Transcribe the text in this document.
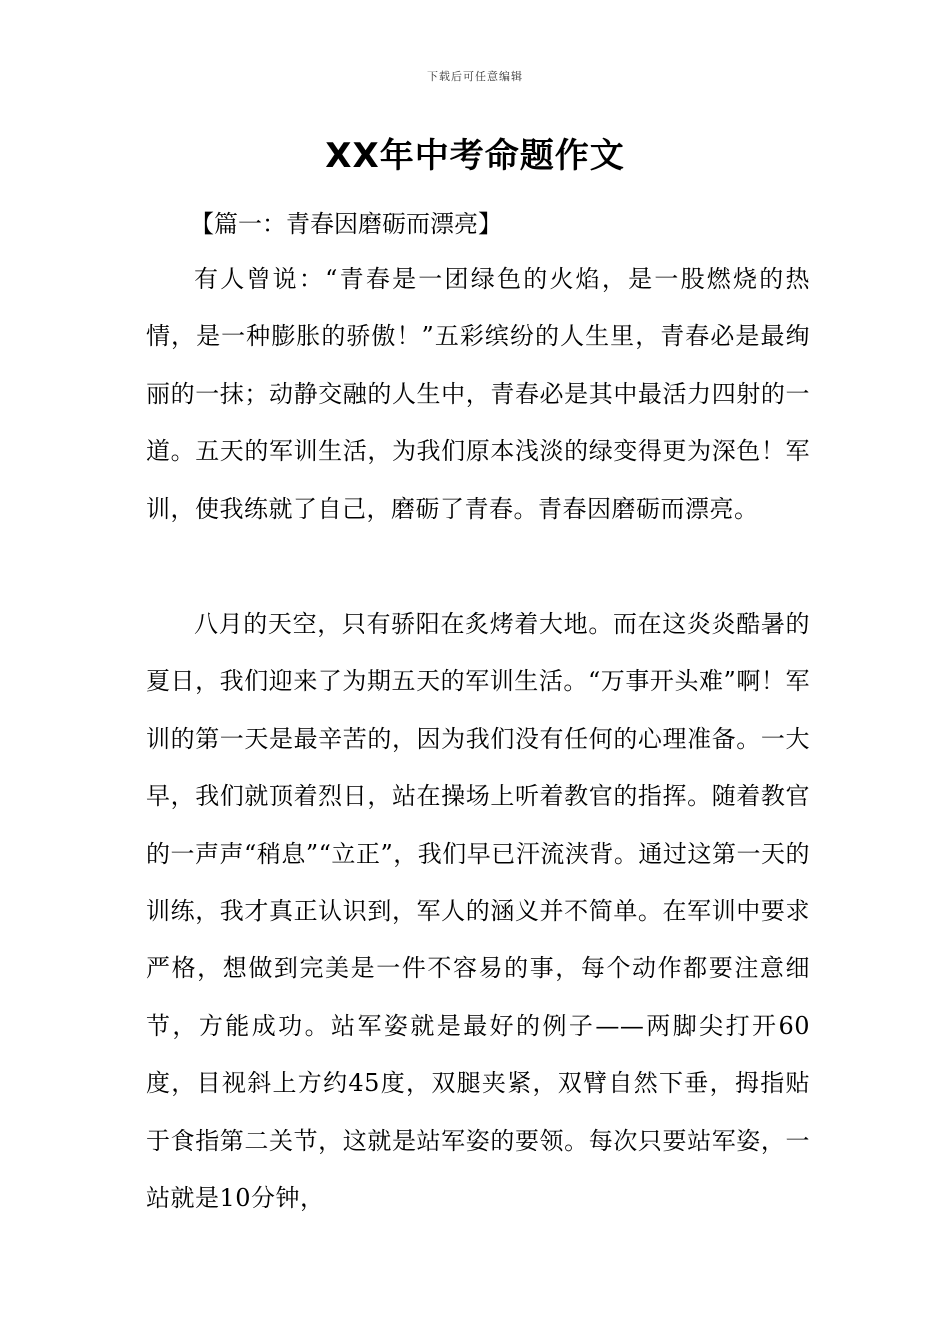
下载后可任意编辑
XX年中考命题作文
【篇一：青春因磨砺而漂亮】

有人曾说：“青春是一团绿色的火焰，是一股燃烧的热情，是一种膨胀的骄傲！”五彩缤纷的人生里，青春必是最绚丽的一抹；动静交融的人生中，青春必是其中最活力四射的一道。五天的军训生活，为我们原本浅淡的绿变得更为深色！军训，使我练就了自己，磨砺了青春。青春因磨砺而漂亮。

八月的天空，只有骄阳在炙烤着大地。而在这炎炎酷暑的夏日，我们迎来了为期五天的军训生活。“万事开头难”啊！军训的第一天是最辛苦的，因为我们没有任何的心理准备。一大早，我们就顶着烈日，站在操场上听着教官的指挥。随着教官的一声声“稍息”“立正”，我们早已汗流浃背。通过这第一天的训练，我才真正认识到，军人的涵义并不简单。在军训中要求严格，想做到完美是一件不容易的事，每个动作都要注意细节，方能成功。站军姿就是最好的例子——两脚尖打开60度，目视斜上方约45度，双腿夹紧，双臂自然下垂，拇指贴于食指第二关节，这就是站军姿的要领。每次只要站军姿，一站就是10分钟，
